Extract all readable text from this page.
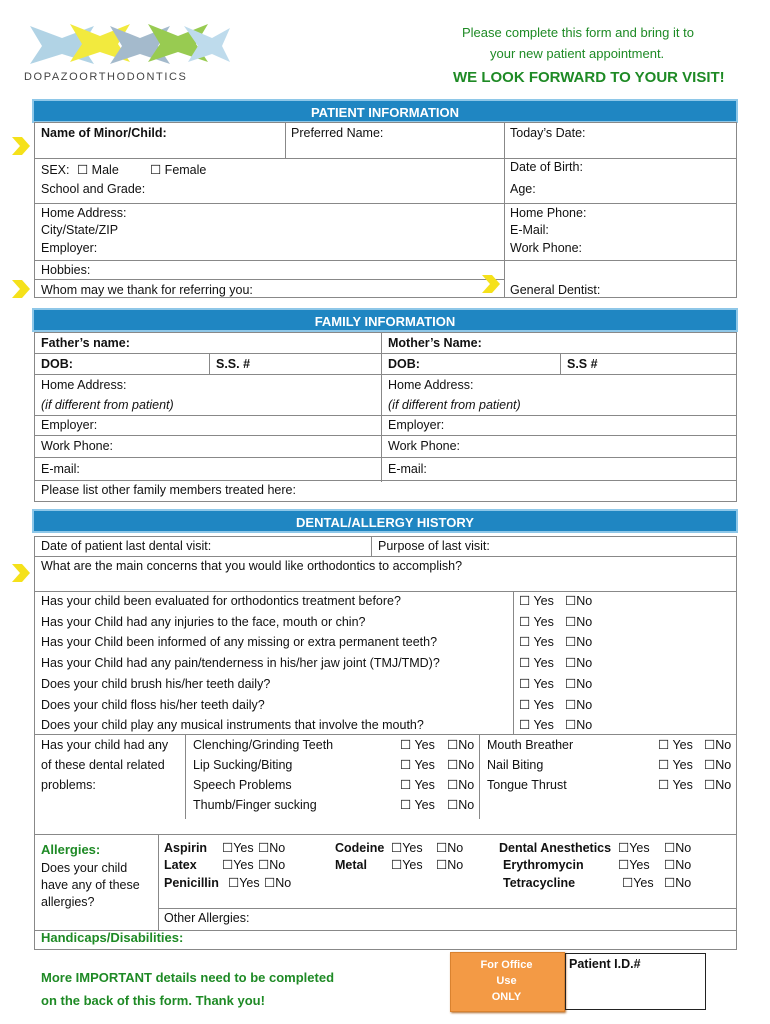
DOPAZOORTHODONTICS
Please complete this form and bring it to
your new patient appointment.
WE LOOK FORWARD TO YOUR VISIT!
PATIENT INFORMATION
Name of Minor/Child:	Preferred Name:	Today’s Date:
SEX: ☐ Male ☐ Female	Date of Birth:
School and Grade:	Age:
Home Address:
City/State/ZIP
Employer:
Home Phone:
E-Mail:
Work Phone:
Hobbies:
Whom may we thank for referring you:	General Dentist:
FAMILY INFORMATION
Father’s name:	Mother’s Name:
DOB:	S.S. #	DOB:	S.S #
Home Address:
(if different from patient)
Home Address:
(if different from patient)
Employer:	Employer:
Work Phone:	Work Phone:
E-mail:	E-mail:
Please list other family members treated here:
DENTAL/ALLERGY HISTORY
Date of patient last dental visit:	Purpose of last visit:
What are the main concerns that you would like orthodontics to accomplish?
Has your child been evaluated for orthodontics treatment before?	☐ Yes ☐No
Has your Child had any injuries to the face, mouth or chin?	☐ Yes ☐No
Has your Child been informed of any missing or extra permanent teeth?	☐ Yes ☐No
Has your Child had any pain/tenderness in his/her jaw joint (TMJ/TMD)?	☐ Yes ☐No
Does your child brush his/her teeth daily?	☐ Yes ☐No
Does your child floss his/her teeth daily?	☐ Yes ☐No
Does your child play any musical instruments that involve the mouth?	☐ Yes ☐No
Has your child had any
of these dental related
problems:
Clenching/Grinding Teeth	☐ Yes ☐No
Lip Sucking/Biting	☐ Yes ☐No
Speech Problems	☐ Yes ☐No
Thumb/Finger sucking	☐ Yes ☐No
Mouth Breather	☐ Yes ☐No
Nail Biting	☐ Yes ☐No
Tongue Thrust	☐ Yes ☐No
Allergies:
Does your child
have any of these
allergies?
Aspirin ☐Yes ☐No
Latex ☐Yes ☐No
Penicillin ☐Yes ☐No
Codeine ☐Yes ☐No
Metal ☐Yes ☐No
Dental Anesthetics ☐Yes ☐No
Erythromycin	☐Yes ☐No
Tetracycline	☐Yes ☐No
Other Allergies:
Handicaps/Disabilities:
More IMPORTANT details need to be completed
on the back of this form. Thank you!
For Office
Use
ONLY
Patient I.D.#
